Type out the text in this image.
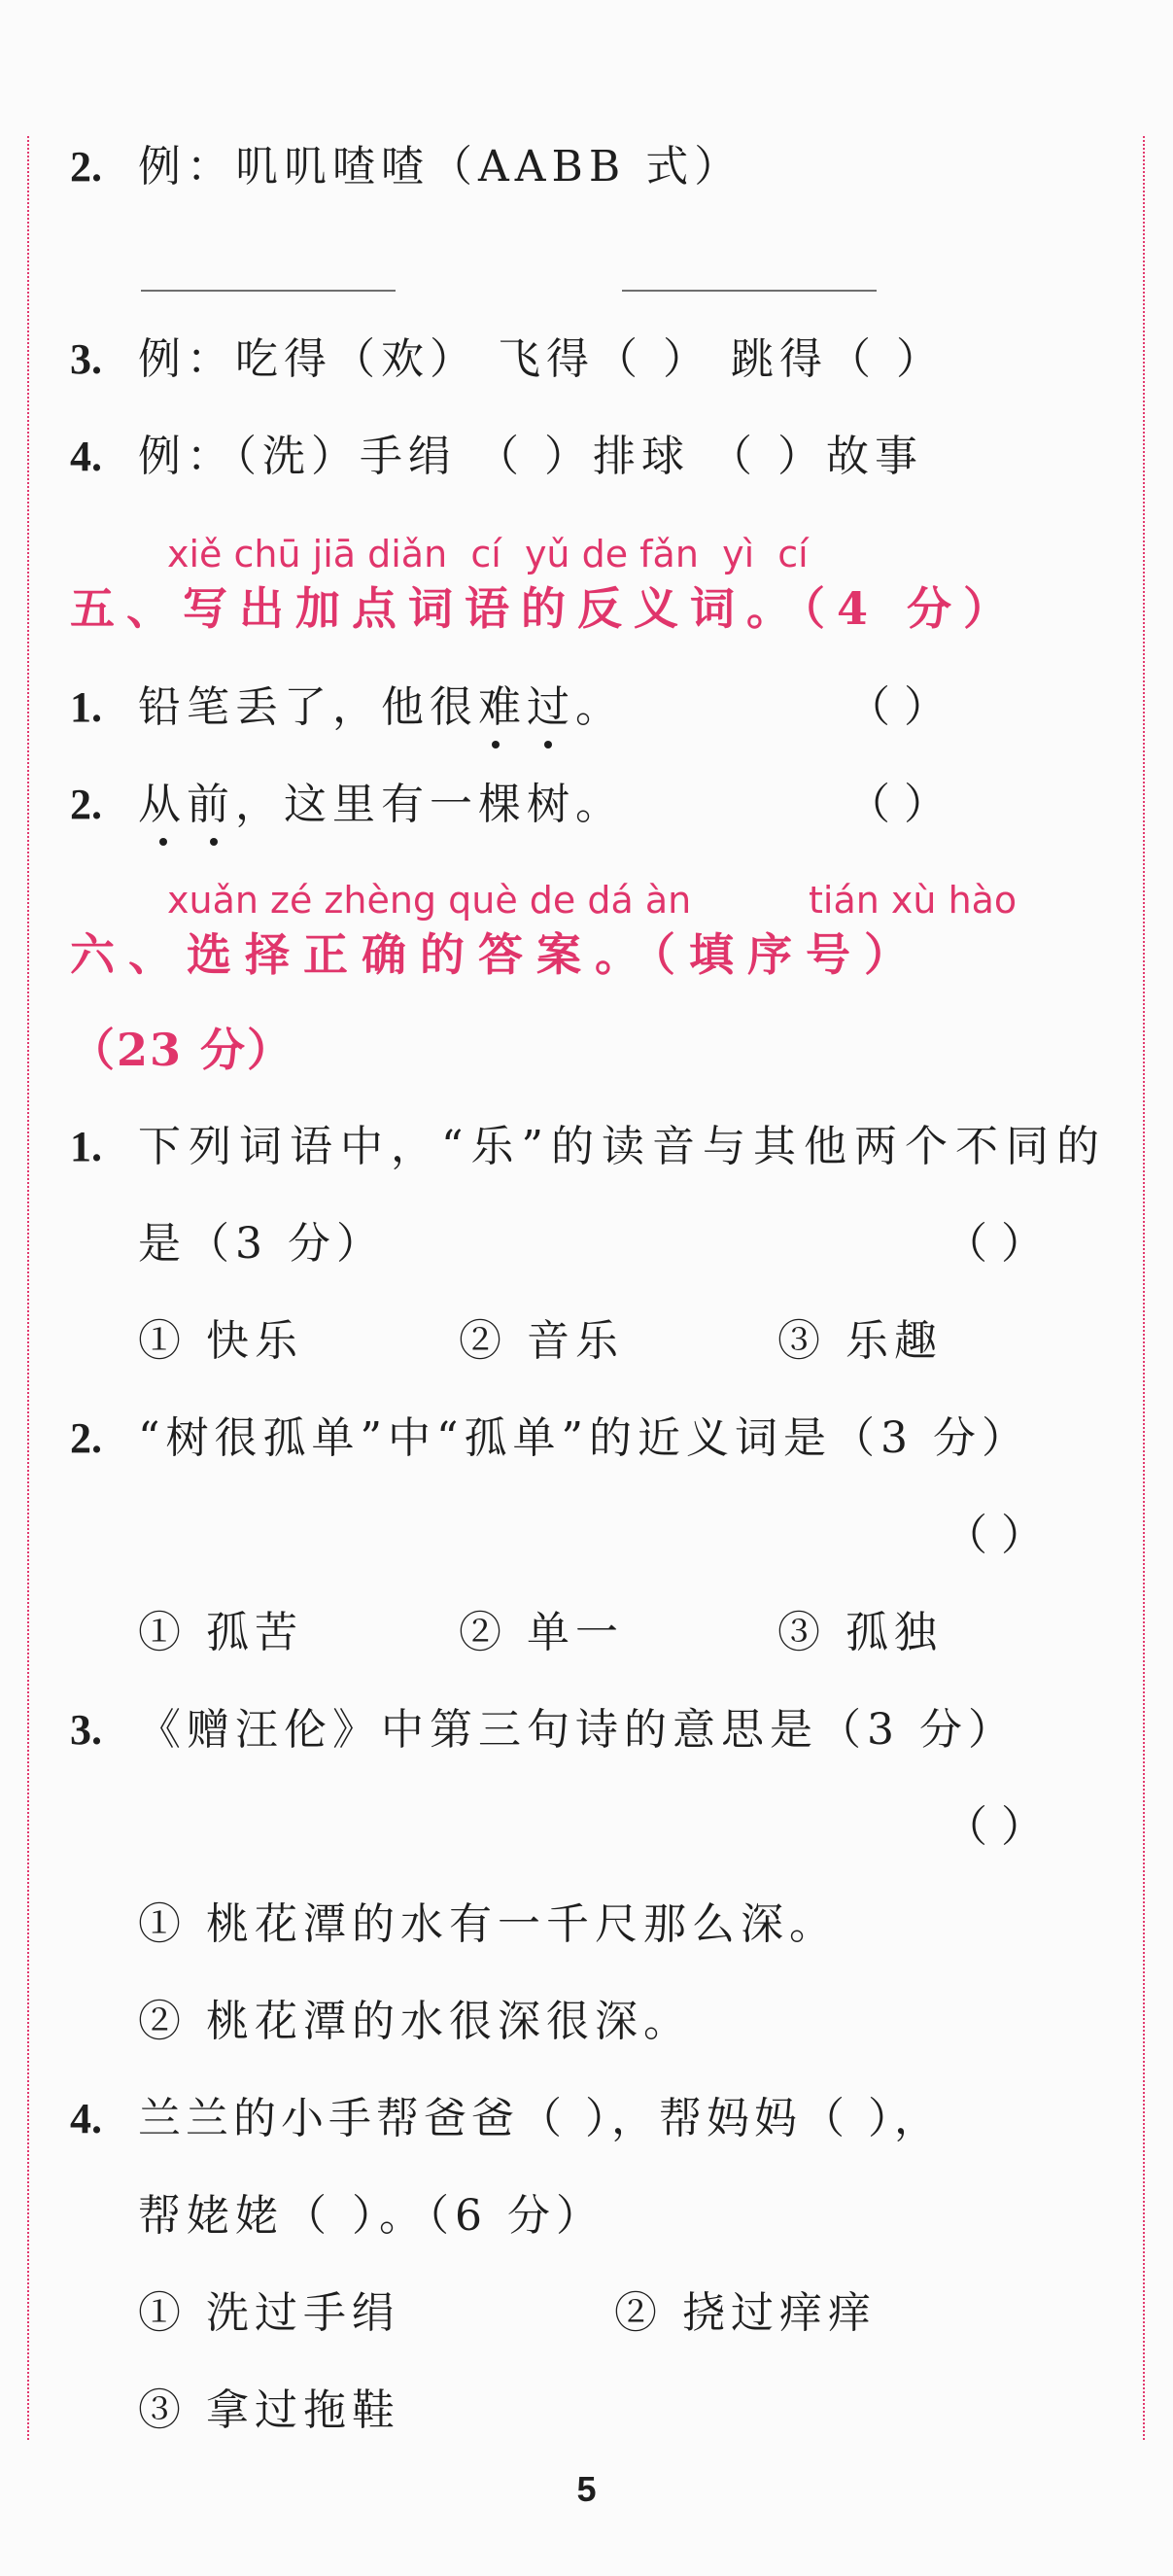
2. 例：叽叽喳喳（AABB 式）
3. 例：吃得（欢） 飞得（ ） 跳得（ ）
4. 例：（洗）手绢 （ ）排球 （ ）故事
xiě chū jiā diǎn  cí  yǔ de fǎn  yì  cí
五、写出加点词语的反义词。（4 分）
1. 铅笔丢了，他很难过。	（ ）
2. 从前，这里有一棵树。	（ ）
xuǎn zé zhèng què de dá àn          tián xù hào
六、选择正确的答案。（填序号）
（23 分）
1. 下列词语中，“乐”的读音与其他两个不同的
是（3 分）	（ ）
① 快乐	② 音乐	③ 乐趣
2. “树很孤单”中“孤单”的近义词是（3 分）
（ ）
① 孤苦	② 单一	③ 孤独
3. 《赠汪伦》中第三句诗的意思是（3 分）
（ ）
① 桃花潭的水有一千尺那么深。
② 桃花潭的水很深很深。
4. 兰兰的小手帮爸爸（ ），帮妈妈（ ），
帮姥姥（ ）。（6 分）
① 洗过手绢	② 挠过痒痒
③ 拿过拖鞋
5
